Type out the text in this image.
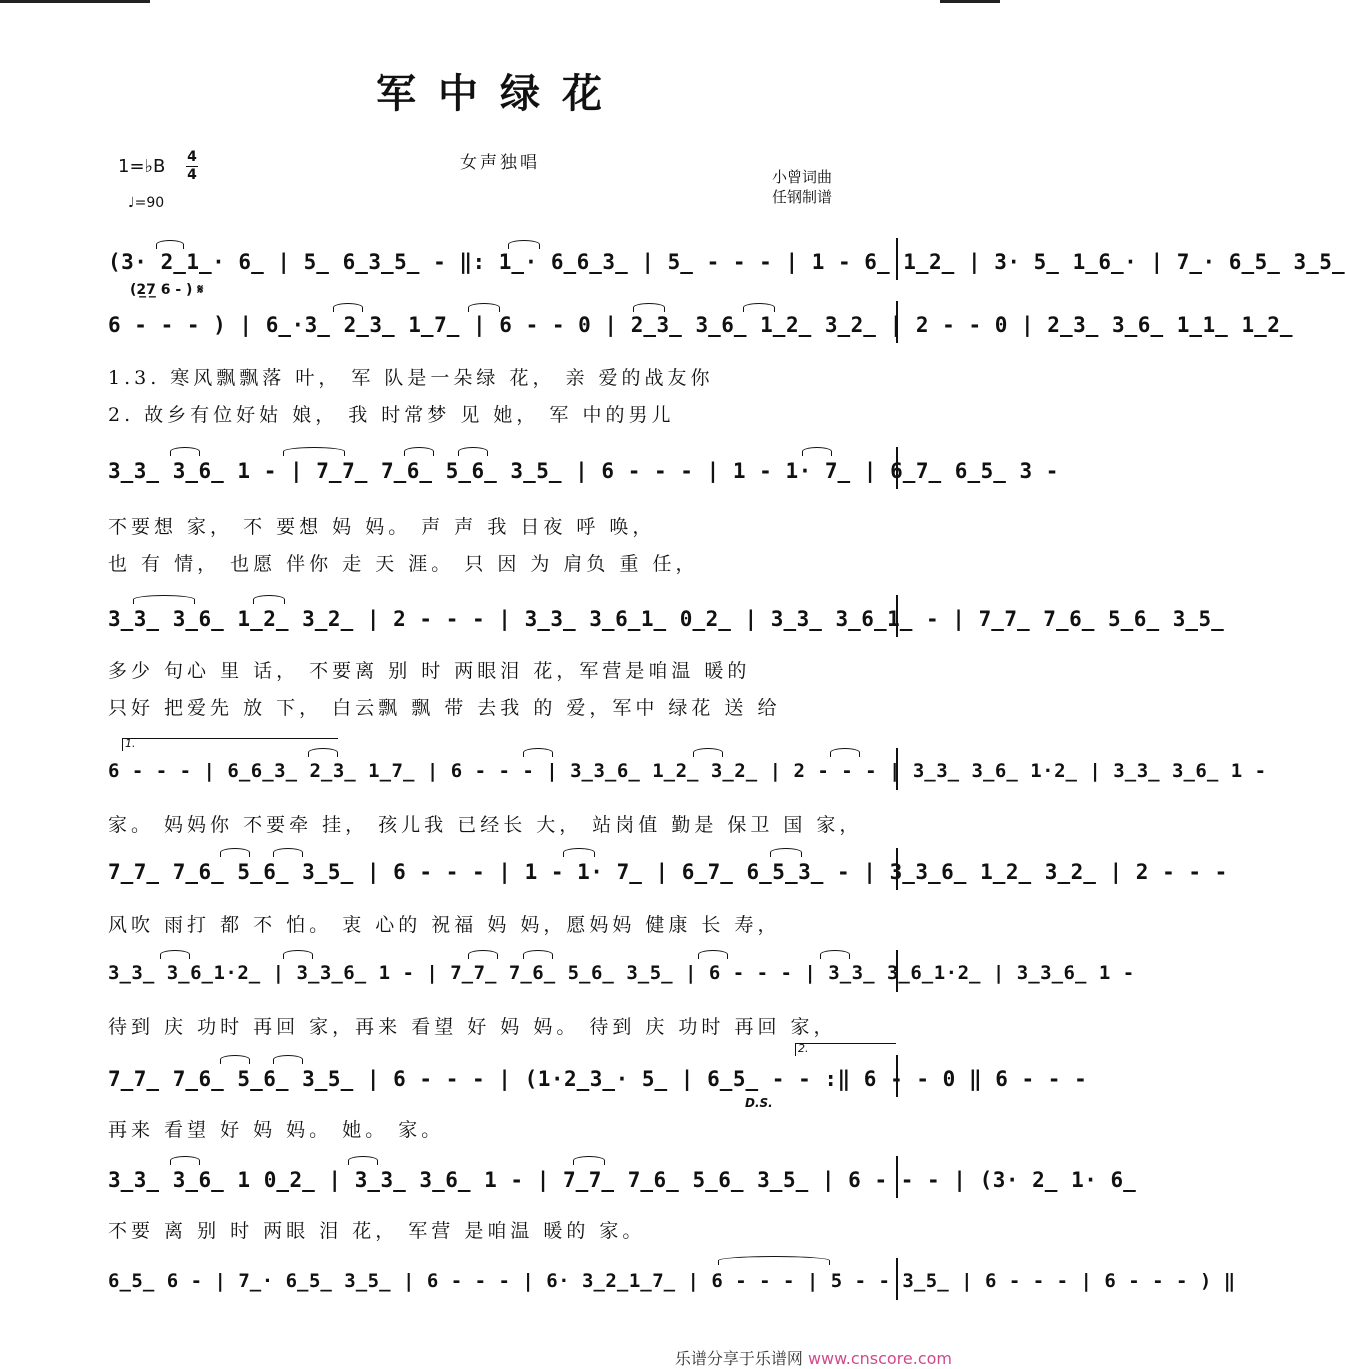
军中绿花
女声独唱
1=♭B 4
4
♩=90
小曾词曲
任钢制谱
(3· 2̲1̲· 6̲ | 5̲ 6̲3̲5̲ - ‖: 1̲· 6̲6̲3̲ | 5̲ - - - | 1 - 6̲ 1̲2̲ | 3· 5̲ 1̲6̲· | 7̲· 6̲5̲ 3̲5̲
(2̲7̲ 6 - ) 𝄋
6 - - - ) | 6̲·3̲ 2̲3̲ 1̲7̲ | 6 - - 0 | 2̲3̲ 3̲6̲ 1̲2̲ 3̲2̲ | 2 - - 0 | 2̲3̲ 3̲6̲ 1̲1̲ 1̲2̲
1.3. 寒风飘飘落 叶， 军 队是一朵绿 花， 亲 爱的战友你
2. 故乡有位好姑 娘， 我 时常梦 见 她， 军 中的男儿
3̲3̲ 3̲6̲ 1 - | 7̲7̲ 7̲6̲ 5̲6̲ 3̲5̲ | 6 - - - | 1 - 1· 7̲ | 6̲7̲ 6̲5̲ 3 -
不要想 家， 不 要想 妈 妈。 声 声 我 日夜 呼 唤，
也 有 情， 也愿 伴你 走 天 涯。 只 因 为 肩负 重 任，
3̲3̲ 3̲6̲ 1̲2̲ 3̲2̲ | 2 - - - | 3̲3̲ 3̲6̲1̲ 0̲2̲ | 3̲3̲ 3̲6̲1̲ - | 7̲7̲ 7̲6̲ 5̲6̲ 3̲5̲
多少 句心 里 话， 不要离 别 时 两眼泪 花，军营是咱温 暖的
只好 把爱先 放 下， 白云飘 飘 带 去我 的 爱，军中 绿花 送 给
1.
6 - - - | 6̲6̲3̲ 2̲3̲ 1̲7̲ | 6 - - - | 3̲3̲6̲ 1̲2̲ 3̲2̲ | 2 - - - | 3̲3̲ 3̲6̲ 1·2̲ | 3̲3̲ 3̲6̲ 1 -
家。 妈妈你 不要牵 挂， 孩儿我 已经长 大， 站岗值 勤是 保卫 国 家，
7̲7̲ 7̲6̲ 5̲6̲ 3̲5̲ | 6 - - - | 1 - 1· 7̲ | 6̲7̲ 6̲5̲3̲ - | 3̲3̲6̲ 1̲2̲ 3̲2̲ | 2 - - -
风吹 雨打 都 不 怕。 衷 心的 祝福 妈 妈，愿妈妈 健康 长 寿，
3̲3̲ 3̲6̲1·2̲ | 3̲3̲6̲ 1 - | 7̲7̲ 7̲6̲ 5̲6̲ 3̲5̲ | 6 - - - | 3̲3̲ 3̲6̲1·2̲ | 3̲3̲6̲ 1 -
待到 庆 功时 再回 家，再来 看望 好 妈 妈。 待到 庆 功时 再回 家，
2.
7̲7̲ 7̲6̲ 5̲6̲ 3̲5̲ | 6 - - - | (1·2̲3̲· 5̲ | 6̲5̲ - - :‖ 6 - - 0 ‖ 6 - - -
D.S.
再来 看望 好 妈 妈。 她。 家。
3̲3̲ 3̲6̲ 1 0̲2̲ | 3̲3̲ 3̲6̲ 1 - | 7̲7̲ 7̲6̲ 5̲6̲ 3̲5̲ | 6 - - - | (3· 2̲ 1· 6̲
不要 离 别 时 两眼 泪 花， 军营 是咱温 暖的 家。
6̲5̲ 6 - | 7̲· 6̲5̲ 3̲5̲ | 6 - - - | 6· 3̲2̲1̲7̲ | 6 - - - | 5 - - 3̲5̲ | 6 - - - | 6 - - - ) ‖
乐谱分享于乐谱网 www.cnscore.com
